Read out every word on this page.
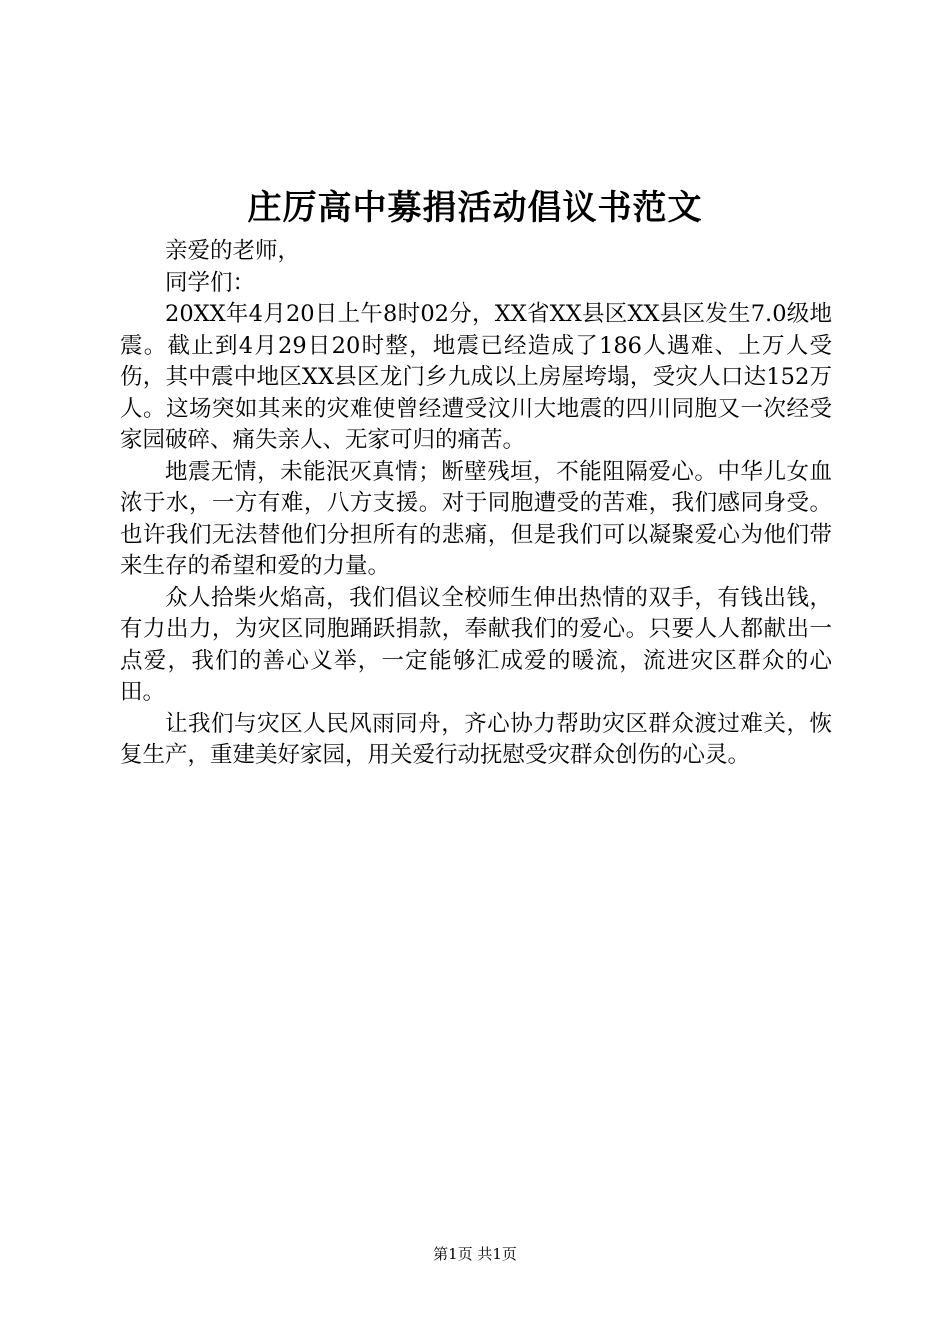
庄厉高中募捐活动倡议书范文

亲爱的老师，

同学们：

20XX年4月20日上午8时02分，XX省XX县区XX县区发生7.0级地震。截止到4月29日20时整，地震已经造成了186人遇难、上万人受伤，其中震中地区XX县区龙门乡九成以上房屋垮塌，受灾人口达152万人。这场突如其来的灾难使曾经遭受汶川大地震的四川同胞又一次经受家园破碎、痛失亲人、无家可归的痛苦。

地震无情，未能泯灭真情；断壁残垣，不能阻隔爱心。中华儿女血浓于水，一方有难，八方支援。对于同胞遭受的苦难，我们感同身受。也许我们无法替他们分担所有的悲痛，但是我们可以凝聚爱心为他们带来生存的希望和爱的力量。

众人拾柴火焰高，我们倡议全校师生伸出热情的双手，有钱出钱，有力出力，为灾区同胞踊跃捐款，奉献我们的爱心。只要人人都献出一点爱，我们的善心义举，一定能够汇成爱的暖流，流进灾区群众的心田。

让我们与灾区人民风雨同舟，齐心协力帮助灾区群众渡过难关，恢复生产，重建美好家园，用关爱行动抚慰受灾群众创伤的心灵。

第1页 共1页
